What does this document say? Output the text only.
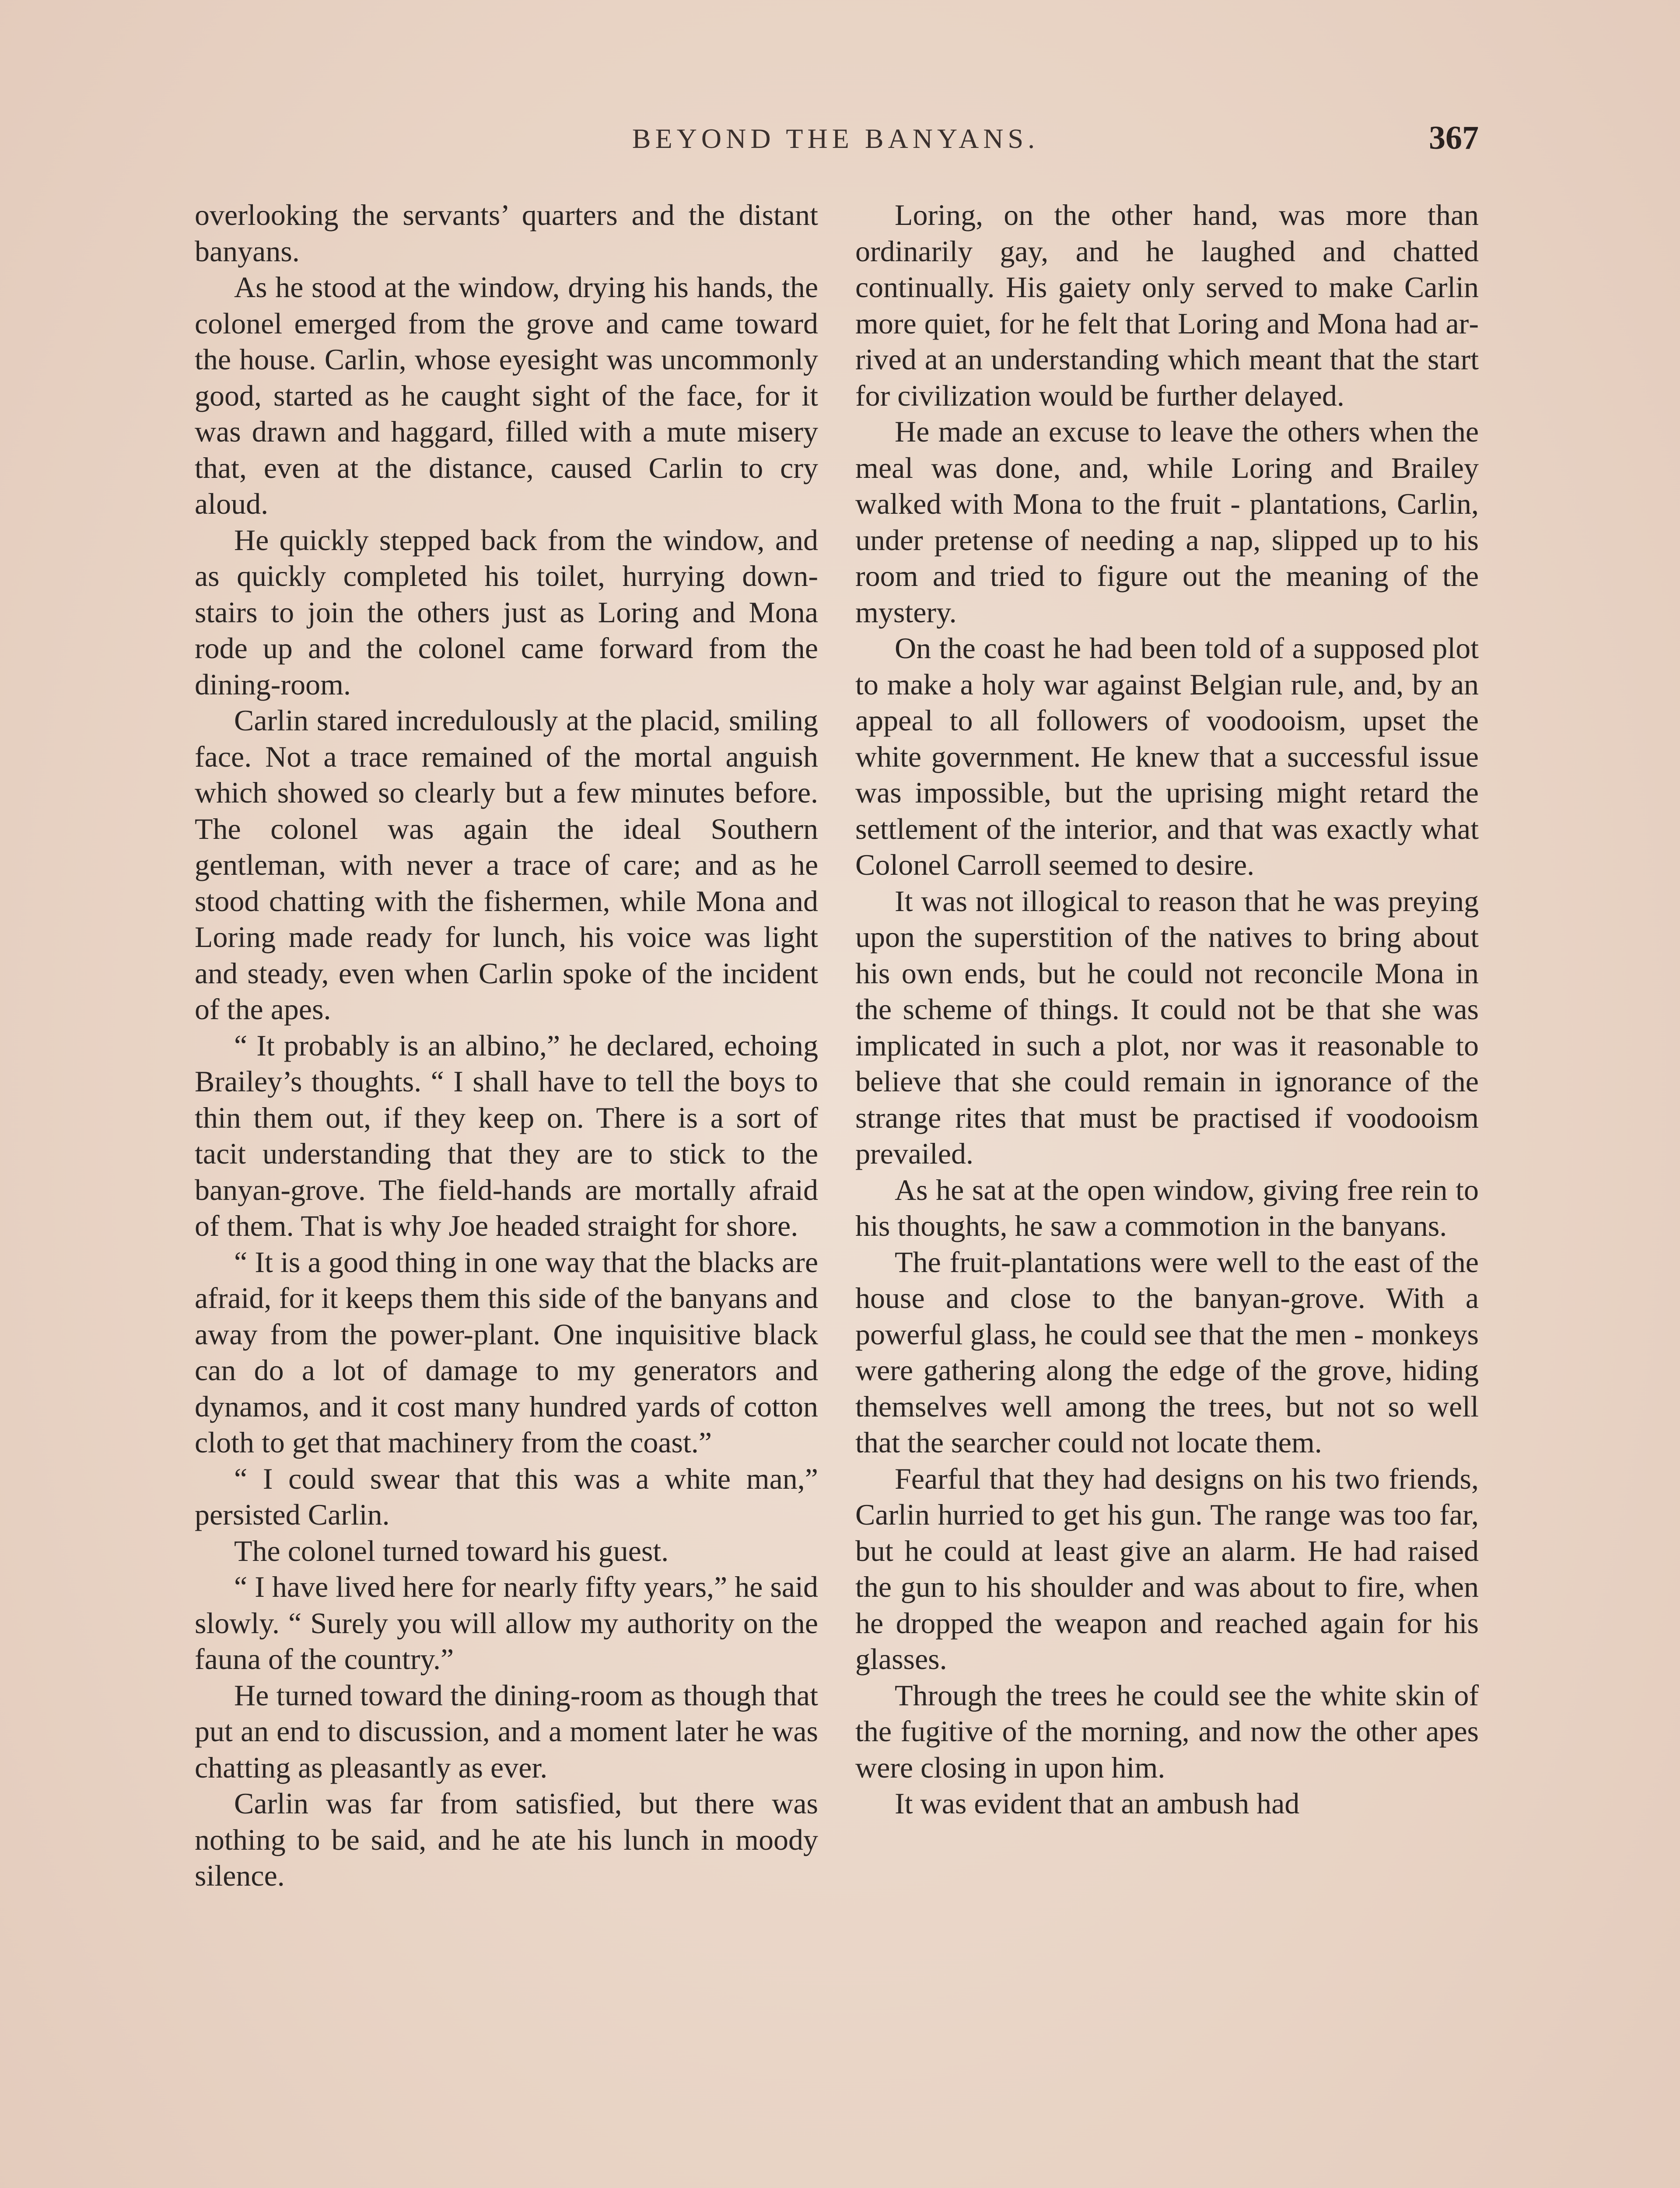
BEYOND THE BANYANS.	367

overlooking the servants’ quarters and the distant banyans.

As he stood at the window, drying his hands, the colonel emerged from the grove and came toward the house. Carlin, whose eyesight was uncommonly good, started as he caught sight of the face, for it was drawn and haggard, filled with a mute misery that, even at the distance, caused Carlin to cry aloud.

He quickly stepped back from the window, and as quickly completed his toilet, hurrying down-stairs to join the others just as Loring and Mona rode up and the colonel came forward from the dining-room.

Carlin stared incredulously at the placid, smiling face. Not a trace remained of the mortal anguish which showed so clearly but a few minutes before. The colonel was again the ideal Southern gentleman, with never a trace of care; and as he stood chatting with the fishermen, while Mona and Loring made ready for lunch, his voice was light and steady, even when Carlin spoke of the incident of the apes.

“ It probably is an albino,” he declared, echoing Brailey’s thoughts. “ I shall have to tell the boys to thin them out, if they keep on. There is a sort of tacit understanding that they are to stick to the banyan-grove. The field-hands are mortally afraid of them. That is why Joe headed straight for shore.

“ It is a good thing in one way that the blacks are afraid, for it keeps them this side of the banyans and away from the power-plant. One inquisitive black can do a lot of damage to my generators and dynamos, and it cost many hundred yards of cotton cloth to get that machinery from the coast.”

“ I could swear that this was a white man,” persisted Carlin.

The colonel turned toward his guest.

“ I have lived here for nearly fifty years,” he said slowly. “ Surely you will allow my authority on the fauna of the country.”

He turned toward the dining-room as though that put an end to discussion, and a moment later he was chatting as pleasantly as ever.

Carlin was far from satisfied, but there was nothing to be said, and he ate his lunch in moody silence.

Loring, on the other hand, was more than ordinarily gay, and he laughed and chatted continually. His gaiety only served to make Carlin more quiet, for he felt that Loring and Mona had arrived at an understanding which meant that the start for civilization would be further delayed.

He made an excuse to leave the others when the meal was done, and, while Loring and Brailey walked with Mona to the fruit - plantations, Carlin, under pretense of needing a nap, slipped up to his room and tried to figure out the meaning of the mystery.

On the coast he had been told of a supposed plot to make a holy war against Belgian rule, and, by an appeal to all followers of voodooism, upset the white government. He knew that a successful issue was impossible, but the uprising might retard the settlement of the interior, and that was exactly what Colonel Carroll seemed to desire.

It was not illogical to reason that he was preying upon the superstition of the natives to bring about his own ends, but he could not reconcile Mona in the scheme of things. It could not be that she was implicated in such a plot, nor was it reasonable to believe that she could remain in ignorance of the strange rites that must be practised if voodooism prevailed.

As he sat at the open window, giving free rein to his thoughts, he saw a commotion in the banyans.

The fruit-plantations were well to the east of the house and close to the banyan-grove. With a powerful glass, he could see that the men - monkeys were gathering along the edge of the grove, hiding themselves well among the trees, but not so well that the searcher could not locate them.

Fearful that they had designs on his two friends, Carlin hurried to get his gun. The range was too far, but he could at least give an alarm. He had raised the gun to his shoulder and was about to fire, when he dropped the weapon and reached again for his glasses.

Through the trees he could see the white skin of the fugitive of the morning, and now the other apes were closing in upon him.

It was evident that an ambush had
